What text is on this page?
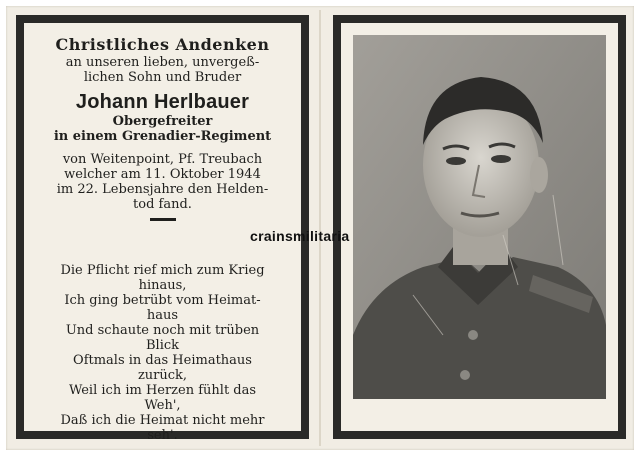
Christliches Andenken
an unseren lieben, unvergeß-
lichen Sohn und Bruder
Johann Herlbauer
Obergefreiter
in einem Grenadier-Regiment
von Weitenpoint, Pf. Treubach
welcher am 11. Oktober 1944
im 22. Lebensjahre den Helden-
tod fand.
Die Pflicht rief mich zum Krieg
hinaus,
Ich ging betrübt vom Heimat-
haus
Und schaute noch mit trüben
Blick
Oftmals in das Heimathaus
zurück,
Weil ich im Herzen fühlt das
Weh',
Daß ich die Heimat nicht mehr
seh'.
crainsmilitaria
